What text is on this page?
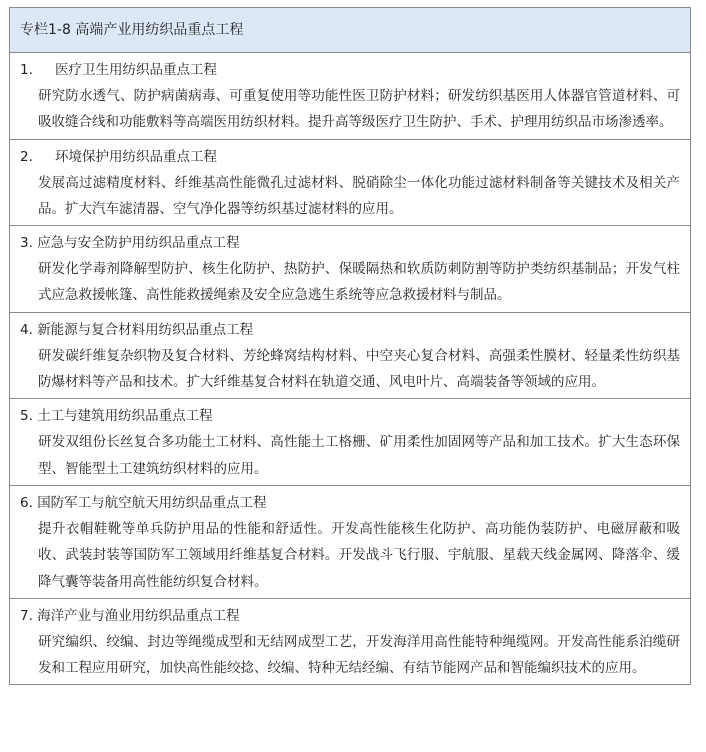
专栏1-8 高端产业用纺织品重点工程
1. 医疗卫生用纺织品重点工程
研究防水透气、防护病菌病毒、可重复使用等功能性医卫防护材料；研发纺织基医用人体器官管道材料、可吸收缝合线和功能敷料等高端医用纺织材料。提升高等级医疗卫生防护、手术、护理用纺织品市场渗透率。
2. 环境保护用纺织品重点工程
发展高过滤精度材料、纤维基高性能微孔过滤材料、脱硝除尘一体化功能过滤材料制备等关键技术及相关产品。扩大汽车滤清器、空气净化器等纺织基过滤材料的应用。
3. 应急与安全防护用纺织品重点工程
研发化学毒剂降解型防护、核生化防护、热防护、保暖隔热和软质防刺防割等防护类纺织基制品；开发气柱式应急救援帐篷、高性能救援绳索及安全应急逃生系统等应急救援材料与制品。
4. 新能源与复合材料用纺织品重点工程
研发碳纤维复杂织物及复合材料、芳纶蜂窝结构材料、中空夹心复合材料、高强柔性膜材、轻量柔性纺织基防爆材料等产品和技术。扩大纤维基复合材料在轨道交通、风电叶片、高端装备等领域的应用。
5. 土工与建筑用纺织品重点工程
研发双组份长丝复合多功能土工材料、高性能土工格栅、矿用柔性加固网等产品和加工技术。扩大生态环保型、智能型土工建筑纺织材料的应用。
6. 国防军工与航空航天用纺织品重点工程
提升衣帽鞋靴等单兵防护用品的性能和舒适性。开发高性能核生化防护、高功能伪装防护、电磁屏蔽和吸收、武装封装等国防军工领域用纤维基复合材料。开发战斗飞行服、宇航服、星载天线金属网、降落伞、缓降气囊等装备用高性能纺织复合材料。
7. 海洋产业与渔业用纺织品重点工程
研究编织、绞编、封边等绳缆成型和无结网成型工艺，开发海洋用高性能特种绳缆网。开发高性能系泊缆研发和工程应用研究，加快高性能绞捻、绞编、特种无结经编、有结节能网产品和智能编织技术的应用。
